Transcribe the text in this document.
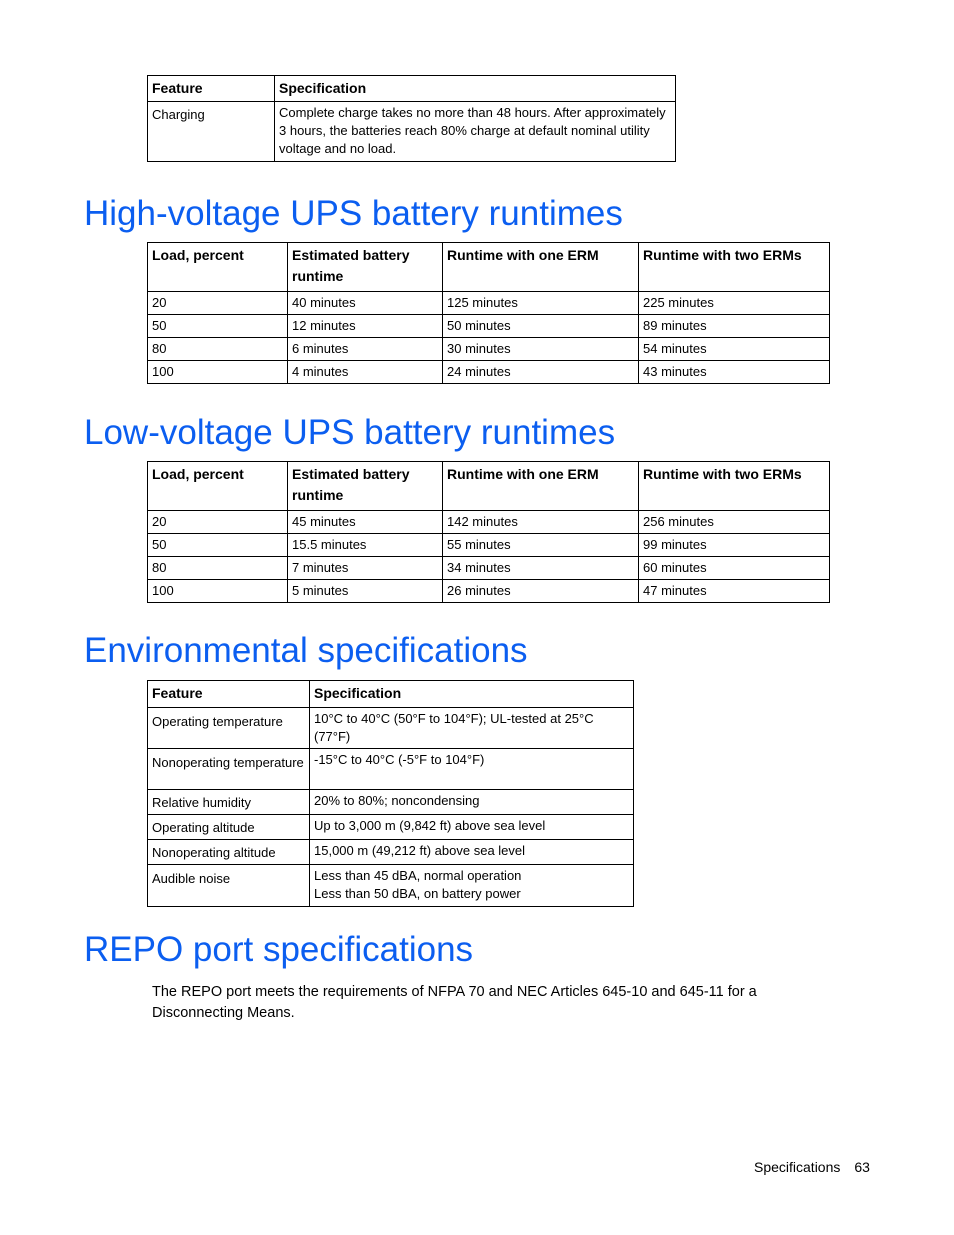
Feature	Specification
Charging	Complete charge takes no more than 48 hours. After approximately 3 hours, the batteries reach 80% charge at default nominal utility voltage and no load.
High-voltage UPS battery runtimes
Load, percent	Estimated battery runtime	Runtime with one ERM	Runtime with two ERMs
20	40 minutes	125 minutes	225 minutes
50	12 minutes	50 minutes	89 minutes
80	6 minutes	30 minutes	54 minutes
100	4 minutes	24 minutes	43 minutes
Low-voltage UPS battery runtimes
Load, percent	Estimated battery runtime	Runtime with one ERM	Runtime with two ERMs
20	45 minutes	142 minutes	256 minutes
50	15.5 minutes	55 minutes	99 minutes
80	7 minutes	34 minutes	60 minutes
100	5 minutes	26 minutes	47 minutes
Environmental specifications
Feature	Specification
Operating temperature	10°C to 40°C (50°F to 104°F); UL-tested at 25°C (77°F)
Nonoperating temperature	-15°C to 40°C (-5°F to 104°F)
Relative humidity	20% to 80%; noncondensing
Operating altitude	Up to 3,000 m (9,842 ft) above sea level
Nonoperating altitude	15,000 m (49,212 ft) above sea level
Audible noise	Less than 45 dBA, normal operation
Less than 50 dBA, on battery power
REPO port specifications

The REPO port meets the requirements of NFPA 70 and NEC Articles 645-10 and 645-11 for a Disconnecting Means.

Specifications 63
